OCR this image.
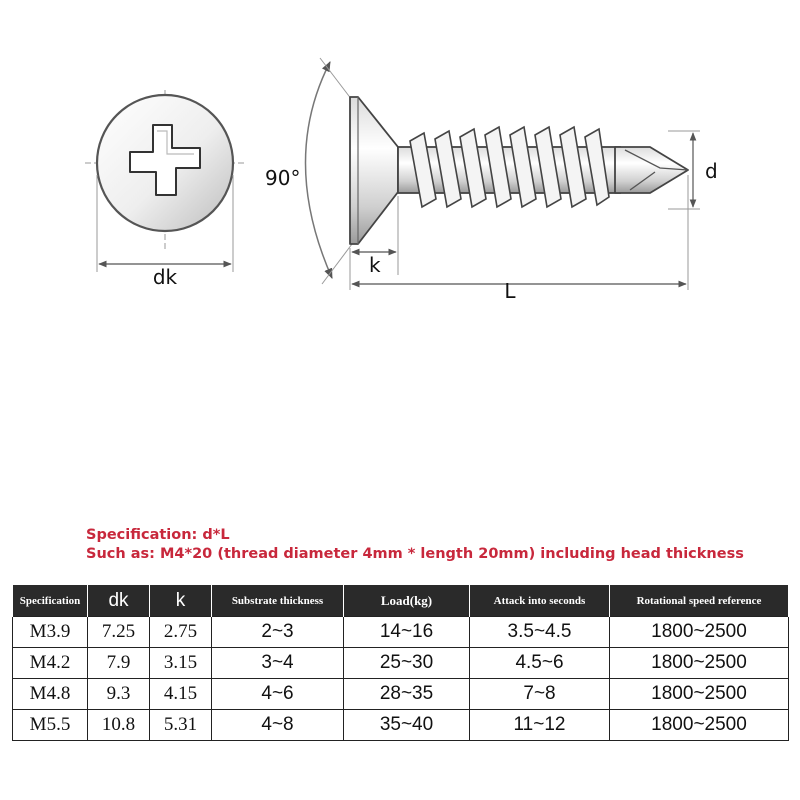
dk
90°	d
k
L
Specification: d*L
Such as: M4*20 (thread diameter 4mm * length 20mm) including head thickness
Specification	dk	k	Substrate thickness	Load(kg)	Attack into seconds	Rotational speed reference
M3.9	7.25	2.75	2~3	14~16	3.5~4.5	1800~2500
M4.2	7.9	3.15	3~4	25~30	4.5~6	1800~2500
M4.8	9.3	4.15	4~6	28~35	7~8	1800~2500
M5.5	10.8	5.31	4~8	35~40	11~12	1800~2500
